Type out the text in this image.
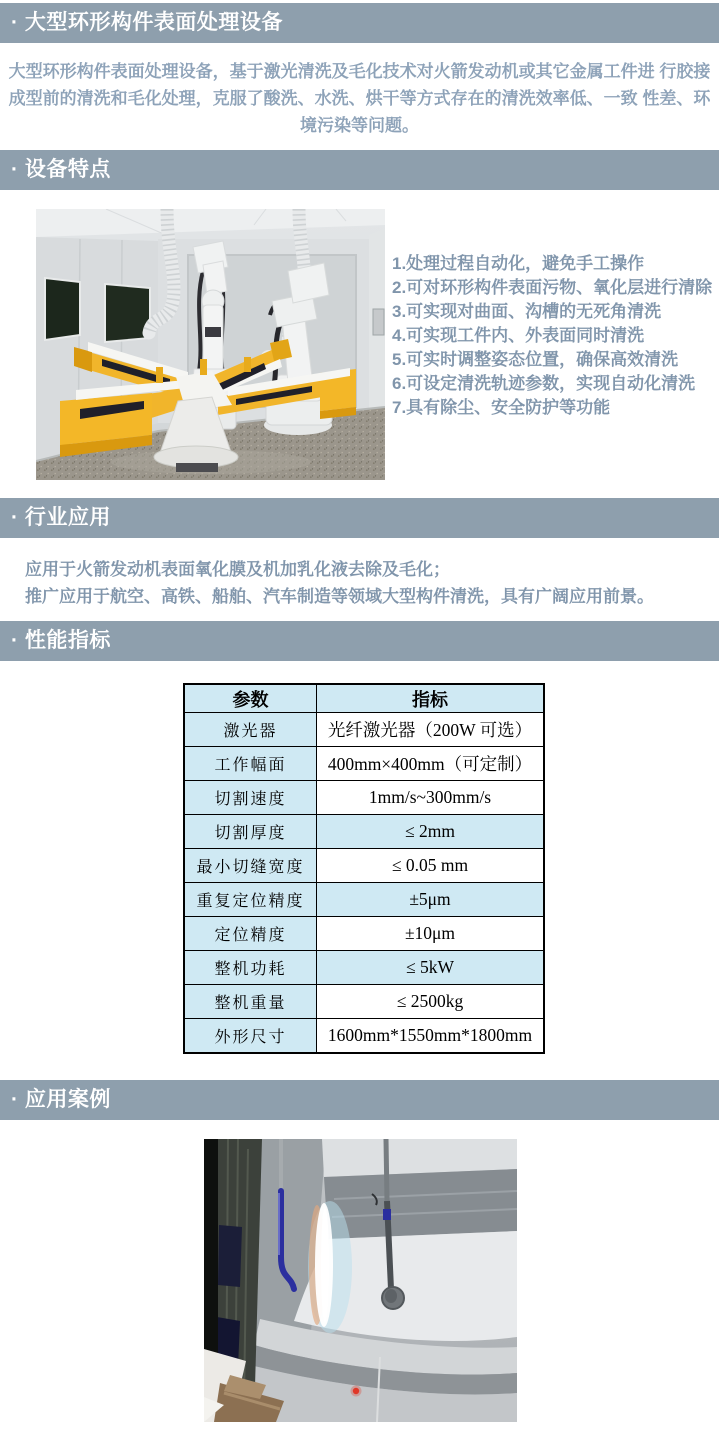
· 大型环形构件表面处理设备
大型环形构件表面处理设备，基于激光清洗及毛化技术对火箭发动机或其它金属工件进 行胶接成型前的清洗和毛化处理，克服了酸洗、水洗、烘干等方式存在的清洗效率低、一致 性差、环境污染等问题。
· 设备特点
1.处理过程自动化，避免手工操作
2.可对环形构件表面污物、氧化层进行清除
3.可实现对曲面、沟槽的无死角清洗
4.可实现工件内、外表面同时清洗
5.可实时调整姿态位置，确保高效清洗
6.可设定清洗轨迹参数，实现自动化清洗
7.具有除尘、安全防护等功能
· 行业应用
应用于火箭发动机表面氧化膜及机加乳化液去除及毛化；
推广应用于航空、高铁、船舶、汽车制造等领域大型构件清洗，具有广阔应用前景。
· 性能指标
参数	指标
激光器	光纤激光器（200W 可选）
工作幅面	400mm×400mm（可定制）
切割速度	1mm/s~300mm/s
切割厚度	≤ 2mm
最小切缝宽度	≤ 0.05 mm
重复定位精度	±5μm
定位精度	±10μm
整机功耗	≤ 5kW
整机重量	≤ 2500kg
外形尺寸	1600mm*1550mm*1800mm
· 应用案例
